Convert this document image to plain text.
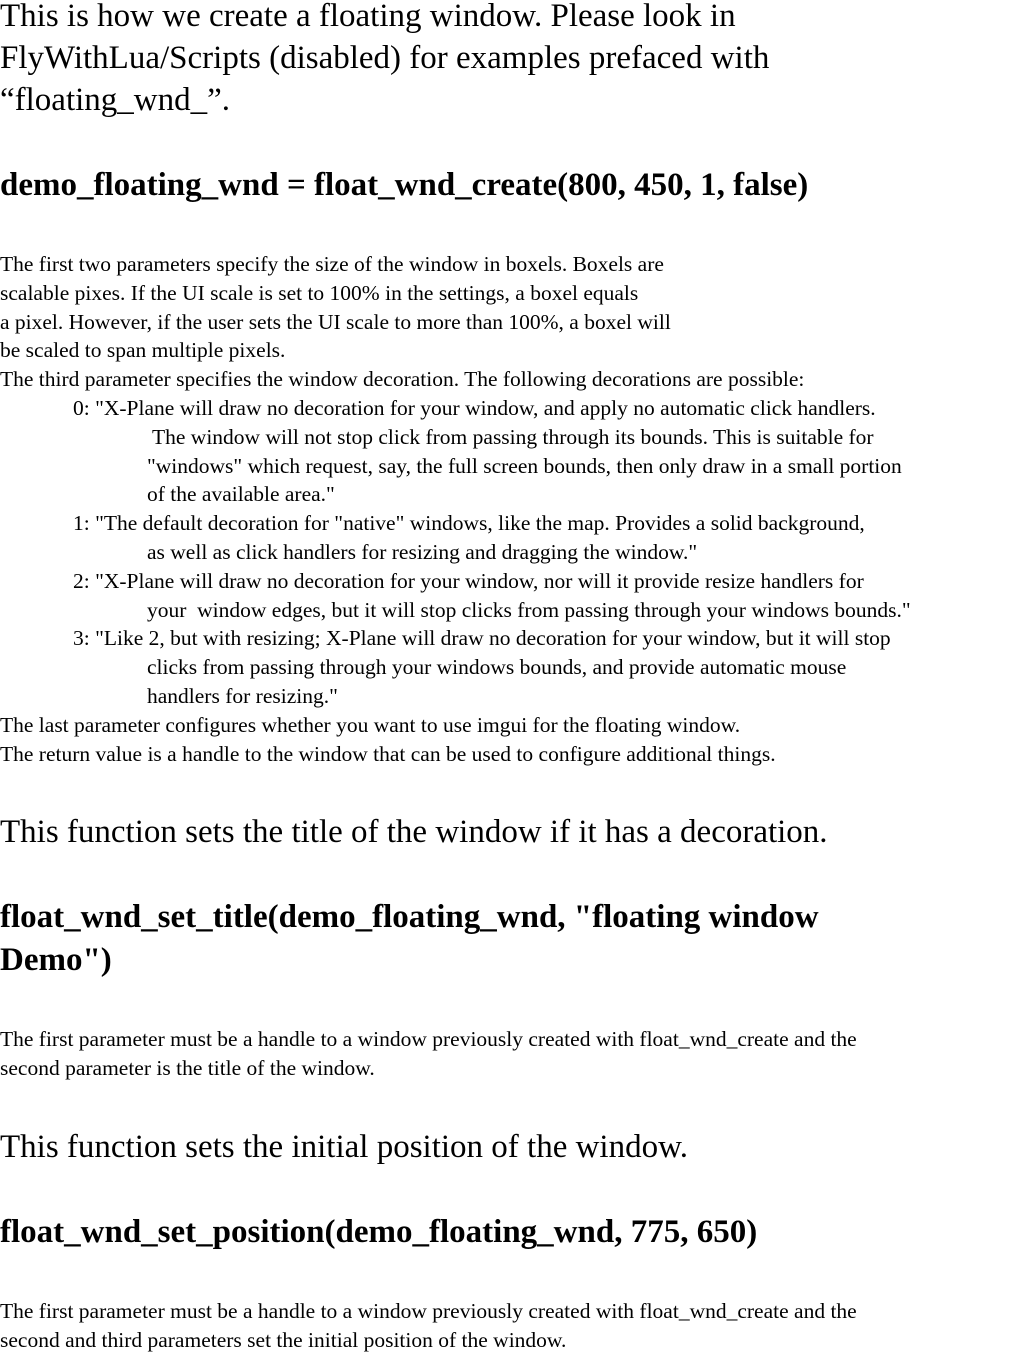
This is how we create a floating window. Please look in
FlyWithLua/Scripts (disabled) for examples prefaced with
“floating_wnd_”.
demo_floating_wnd = float_wnd_create(800, 450, 1, false)
The first two parameters specify the size of the window in boxels. Boxels are
scalable pixes. If the UI scale is set to 100% in the settings, a boxel equals
a pixel. However, if the user sets the UI scale to more than 100%, a boxel will
be scaled to span multiple pixels.
The third parameter specifies the window decoration. The following decorations are possible:
0: "X-Plane will draw no decoration for your window, and apply no automatic click handlers.
The window will not stop click from passing through its bounds. This is suitable for
"windows" which request, say, the full screen bounds, then only draw in a small portion
of the available area."
1: "The default decoration for "native" windows, like the map. Provides a solid background,
as well as click handlers for resizing and dragging the window."
2: "X-Plane will draw no decoration for your window, nor will it provide resize handlers for
your  window edges, but it will stop clicks from passing through your windows bounds."
3: "Like 2, but with resizing; X-Plane will draw no decoration for your window, but it will stop
clicks from passing through your windows bounds, and provide automatic mouse
handlers for resizing."
The last parameter configures whether you want to use imgui for the floating window.
The return value is a handle to the window that can be used to configure additional things.
This function sets the title of the window if it has a decoration.
float_wnd_set_title(demo_floating_wnd, "floating window
Demo")
The first parameter must be a handle to a window previously created with float_wnd_create and the
second parameter is the title of the window.
This function sets the initial position of the window.
float_wnd_set_position(demo_floating_wnd, 775, 650)
The first parameter must be a handle to a window previously created with float_wnd_create and the
second and third parameters set the initial position of the window.
